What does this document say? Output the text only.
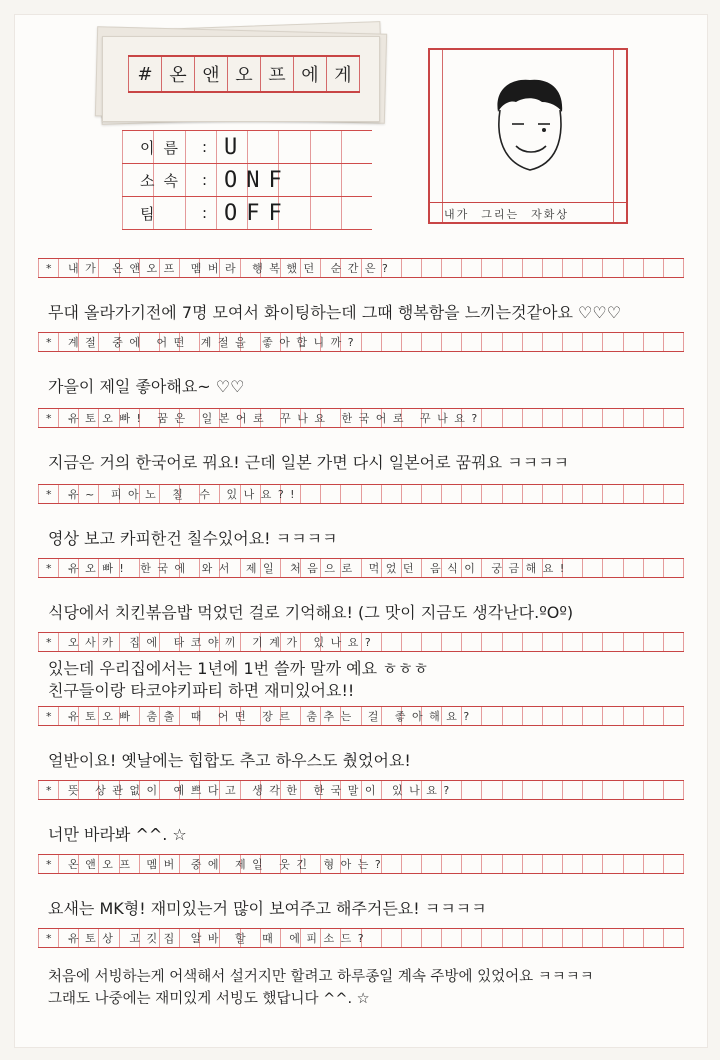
# 온 앤 오 프 에 게
이름	: U
소속	: ONF
팀	: OFF	내가 그리는 자화상
* 내가 온앤오프 멤버라 행복했던 순간은?
무대 올라가기전에 7명 모여서 화이팅하는데 그때 행복함을 느끼는것같아요 ♡♡♡
* 계절 중에 어떤 계절을 좋아합니까?
가을이 제일 좋아해요~ ♡♡
* 유토오빠! 꿈은 일본어로 꾸나요 한국어로 꾸나요?
지금은 거의 한국어로 꿔요! 근데 일본 가면 다시 일본어로 꿈꿔요 ㅋㅋㅋㅋ
* 유~ 피아노 칠 수 있나요?!
영상 보고 카피한건 칠수있어요! ㅋㅋㅋㅋ
* 유오빠! 한국에 와서 제일 처음으로 먹었던 음식이 궁금해요!
식당에서 치킨볶음밥 먹었던 걸로 기억해요! (그 맛이 지금도 생각난다.ºOº)
* 오사카 집에 타코야끼 기계가 있나요?
있는데 우리집에서는 1년에 1번 쓸까 말까 예요 ㅎㅎㅎ
친구들이랑 타코야키파티 하면 재미있어요!!
* 유토오빠 춤출 때 어떤 장르 춤추는 걸 좋아해요?
얼반이요! 옛날에는 힙합도 추고 하우스도 췄었어요!
* 뜻 상관없이 예쁘다고 생각한 한국말이 있나요?
너만 바라봐 ^^. ☆
* 온앤오프 멤버 중에 제일 웃긴 형아는?
요새는 MK형! 재미있는거 많이 보여주고 해주거든요! ㅋㅋㅋㅋ
* 유토상 고깃집 알바 할 때 에피소드?
처음에 서빙하는게 어색해서 설거지만 할려고 하루종일 계속 주방에 있었어요 ㅋㅋㅋㅋ
그래도 나중에는 재미있게 서빙도 했답니다 ^^. ☆
